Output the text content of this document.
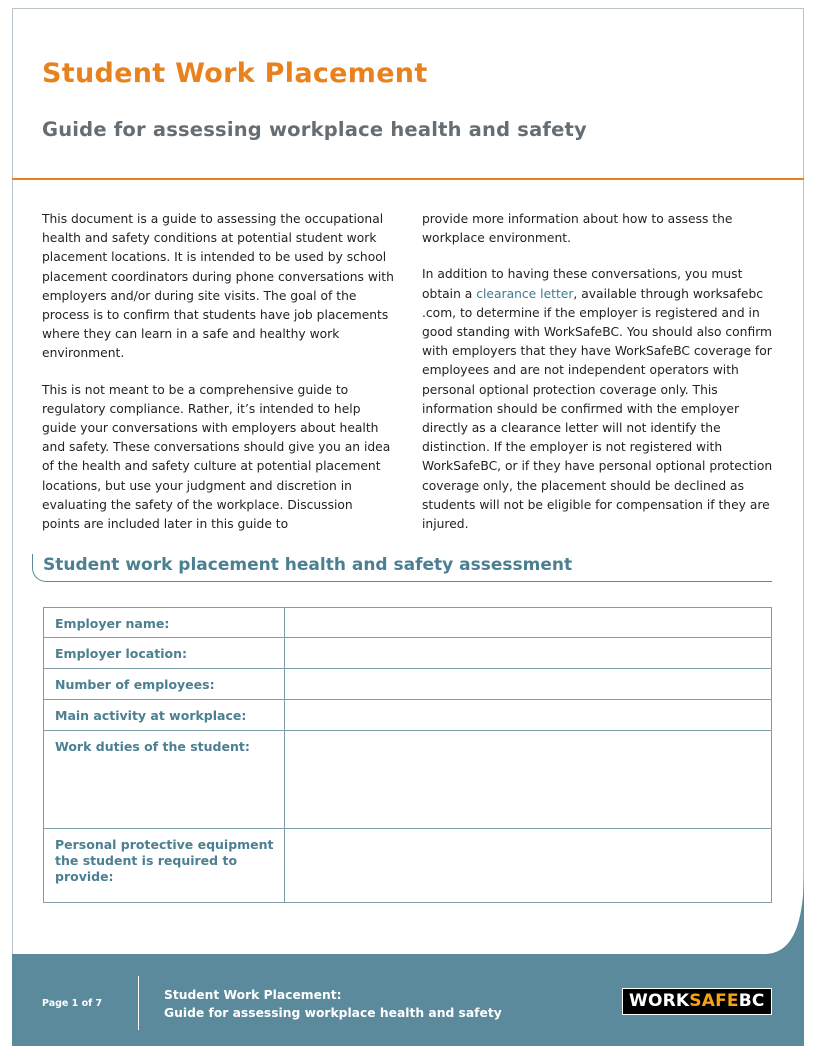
Student Work Placement
Guide for assessing workplace health and safety

This document is a guide to assessing the occupational health and safety conditions at potential student work placement locations. It is intended to be used by school placement coordinators during phone conversations with employers and/or during site visits. The goal of the process is to confirm that students have job placements where they can learn in a safe and healthy work environment.

This is not meant to be a comprehensive guide to regulatory compliance. Rather, it’s intended to help guide your conversations with employers about health and safety. These conversations should give you an idea of the health and safety culture at potential placement locations, but use your judgment and discretion in evaluating the safety of the workplace. Discussion points are included later in this guide to

provide more information about how to assess the workplace environment.

In addition to having these conversations, you must obtain a clearance letter, available through worksafebc .com, to determine if the employer is registered and in good standing with WorkSafeBC. You should also confirm with employers that they have WorkSafeBC coverage for employees and are not independent operators with personal optional protection coverage only. This information should be confirmed with the employer directly as a clearance letter will not identify the distinction. If the employer is not registered with WorkSafeBC, or if they have personal optional protection coverage only, the placement should be declined as students will not be eligible for compensation if they are injured.

Student work placement health and safety assessment
Employer name:	

Employer location:	

Number of employees:	

Main activity at workplace:	

Work duties of the student:	

Personal protective equipment the student is required to provide:	
Page 1 of 7
Student Work Placement:
Guide for assessing workplace health and safety
WORKSAFEBC
